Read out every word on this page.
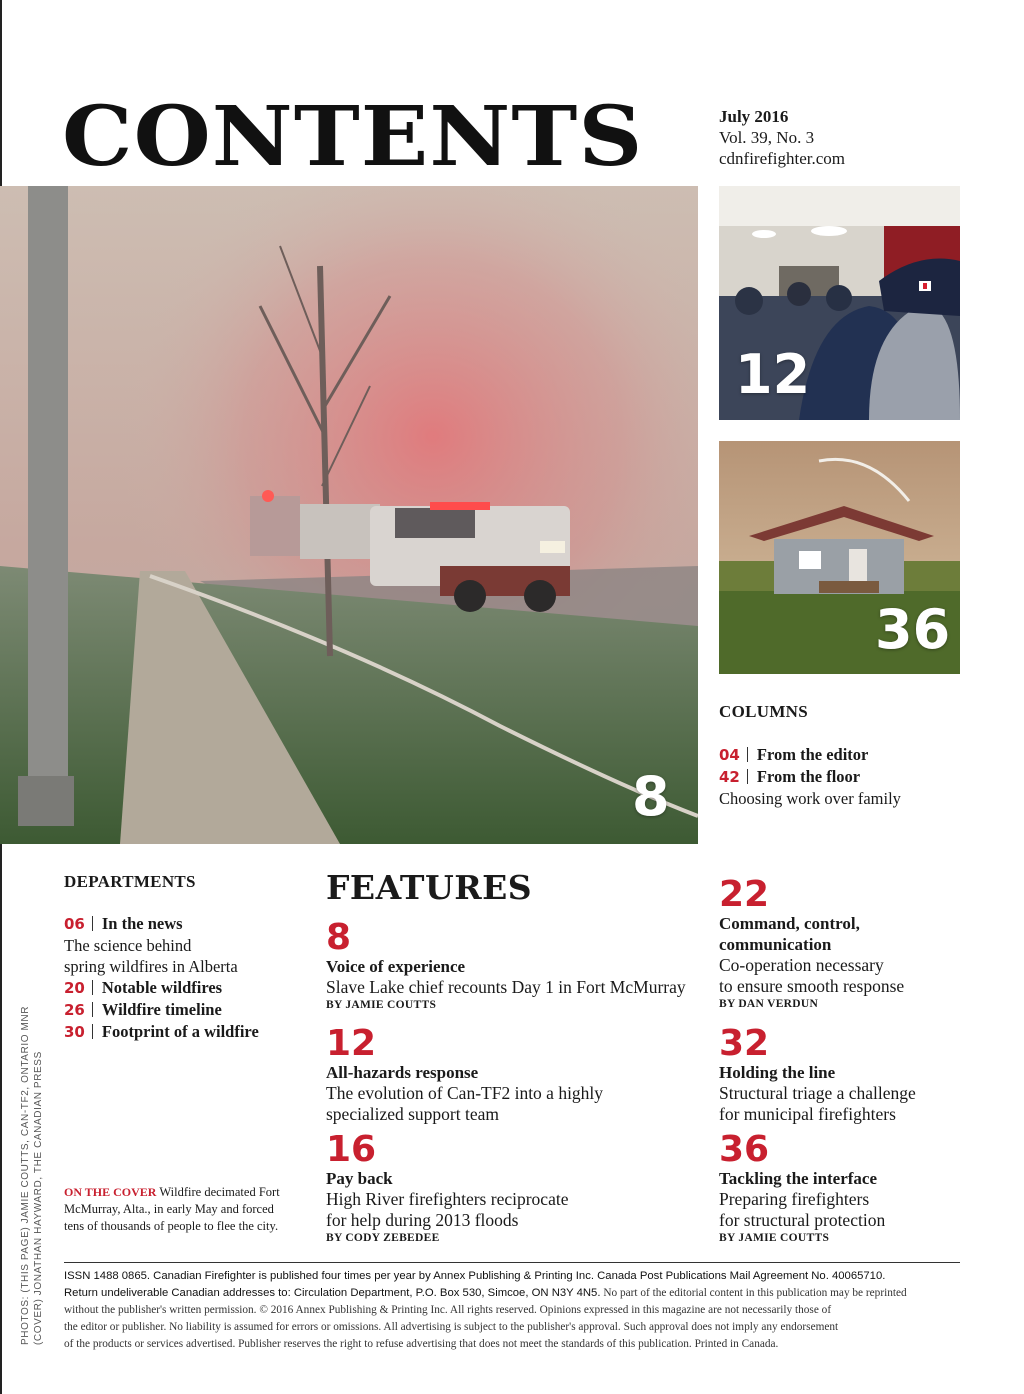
CONTENTS	July 2016
Vol. 39, No. 3
cdnfirefighter.com
8
12
36
COLUMNS
04 From the editor
42 From the floor
Choosing work over family
DEPARTMENTS
06 In the news
The science behind
spring wildfires in Alberta
20 Notable wildfires
26 Wildfire timeline
30 Footprint of a wildfire
FEATURES
8
Voice of experience
Slave Lake chief recounts Day 1 in Fort McMurray
BY JAMIE COUTTS
12
All-hazards response
The evolution of Can-TF2 into a highly
specialized support team
16
Pay back
High River firefighters reciprocate
for help during 2013 floods
BY CODY ZEBEDEE
22
Command, control,
communication
Co-operation necessary
to ensure smooth response
BY DAN VERDUN
32
Holding the line
Structural triage a challenge
for municipal firefighters
36
Tackling the interface
Preparing firefighters
for structural protection
BY JAMIE COUTTS
ON THE COVER Wildfire decimated Fort
McMurray, Alta., in early May and forced
tens of thousands of people to flee the city.
PHOTOS: (THIS PAGE) JAMIE COUTTS, CAN-TF2, ONTARIO MNR (COVER) JONATHAN HAYWARD, THE CANADIAN PRESS ISSN 1488 0865. Canadian Firefighter is published four times per year by Annex Publishing & Printing Inc. Canada Post Publications Mail Agreement No. 40065710.
Return undeliverable Canadian addresses to: Circulation Department, P.O. Box 530, Simcoe, ON N3Y 4N5. No part of the editorial content in this publication may be reprinted
without the publisher's written permission. © 2016 Annex Publishing & Printing Inc. All rights reserved. Opinions expressed in this magazine are not necessarily those of
the editor or publisher. No liability is assumed for errors or omissions. All advertising is subject to the publisher's approval. Such approval does not imply any endorsement
of the products or services advertised. Publisher reserves the right to refuse advertising that does not meet the standards of this publication. Printed in Canada.
